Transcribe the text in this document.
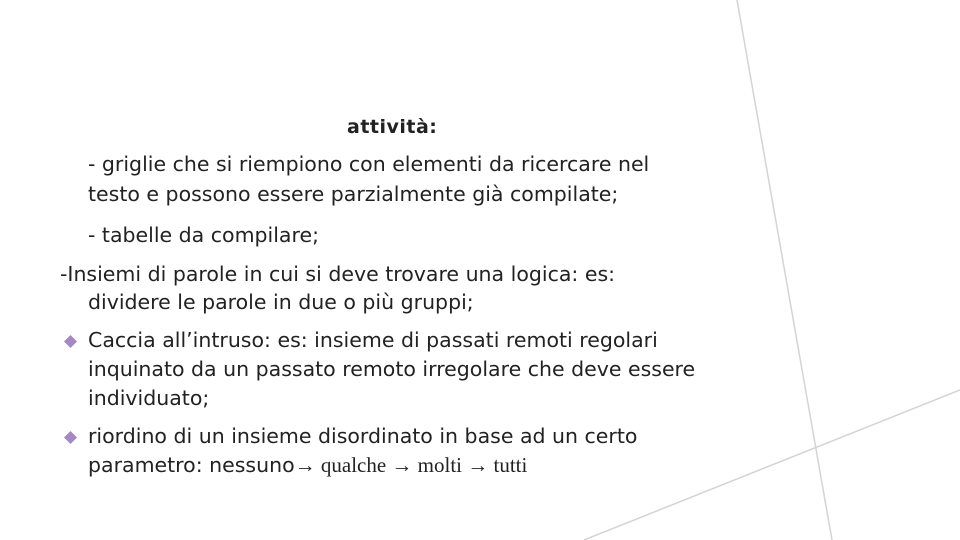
attività:
- griglie che si riempiono con elementi da ricercare nel
testo e possono essere parzialmente già compilate;
- tabelle da compilare;
-Insiemi di parole in cui si deve trovare una logica: es:
dividere le parole in due o più gruppi;
Caccia all’intruso: es: insieme di passati remoti regolari
inquinato da un passato remoto irregolare che deve essere
individuato;
riordino di un insieme disordinato in base ad un certo
parametro: nessuno→ qualche → molti → tutti
